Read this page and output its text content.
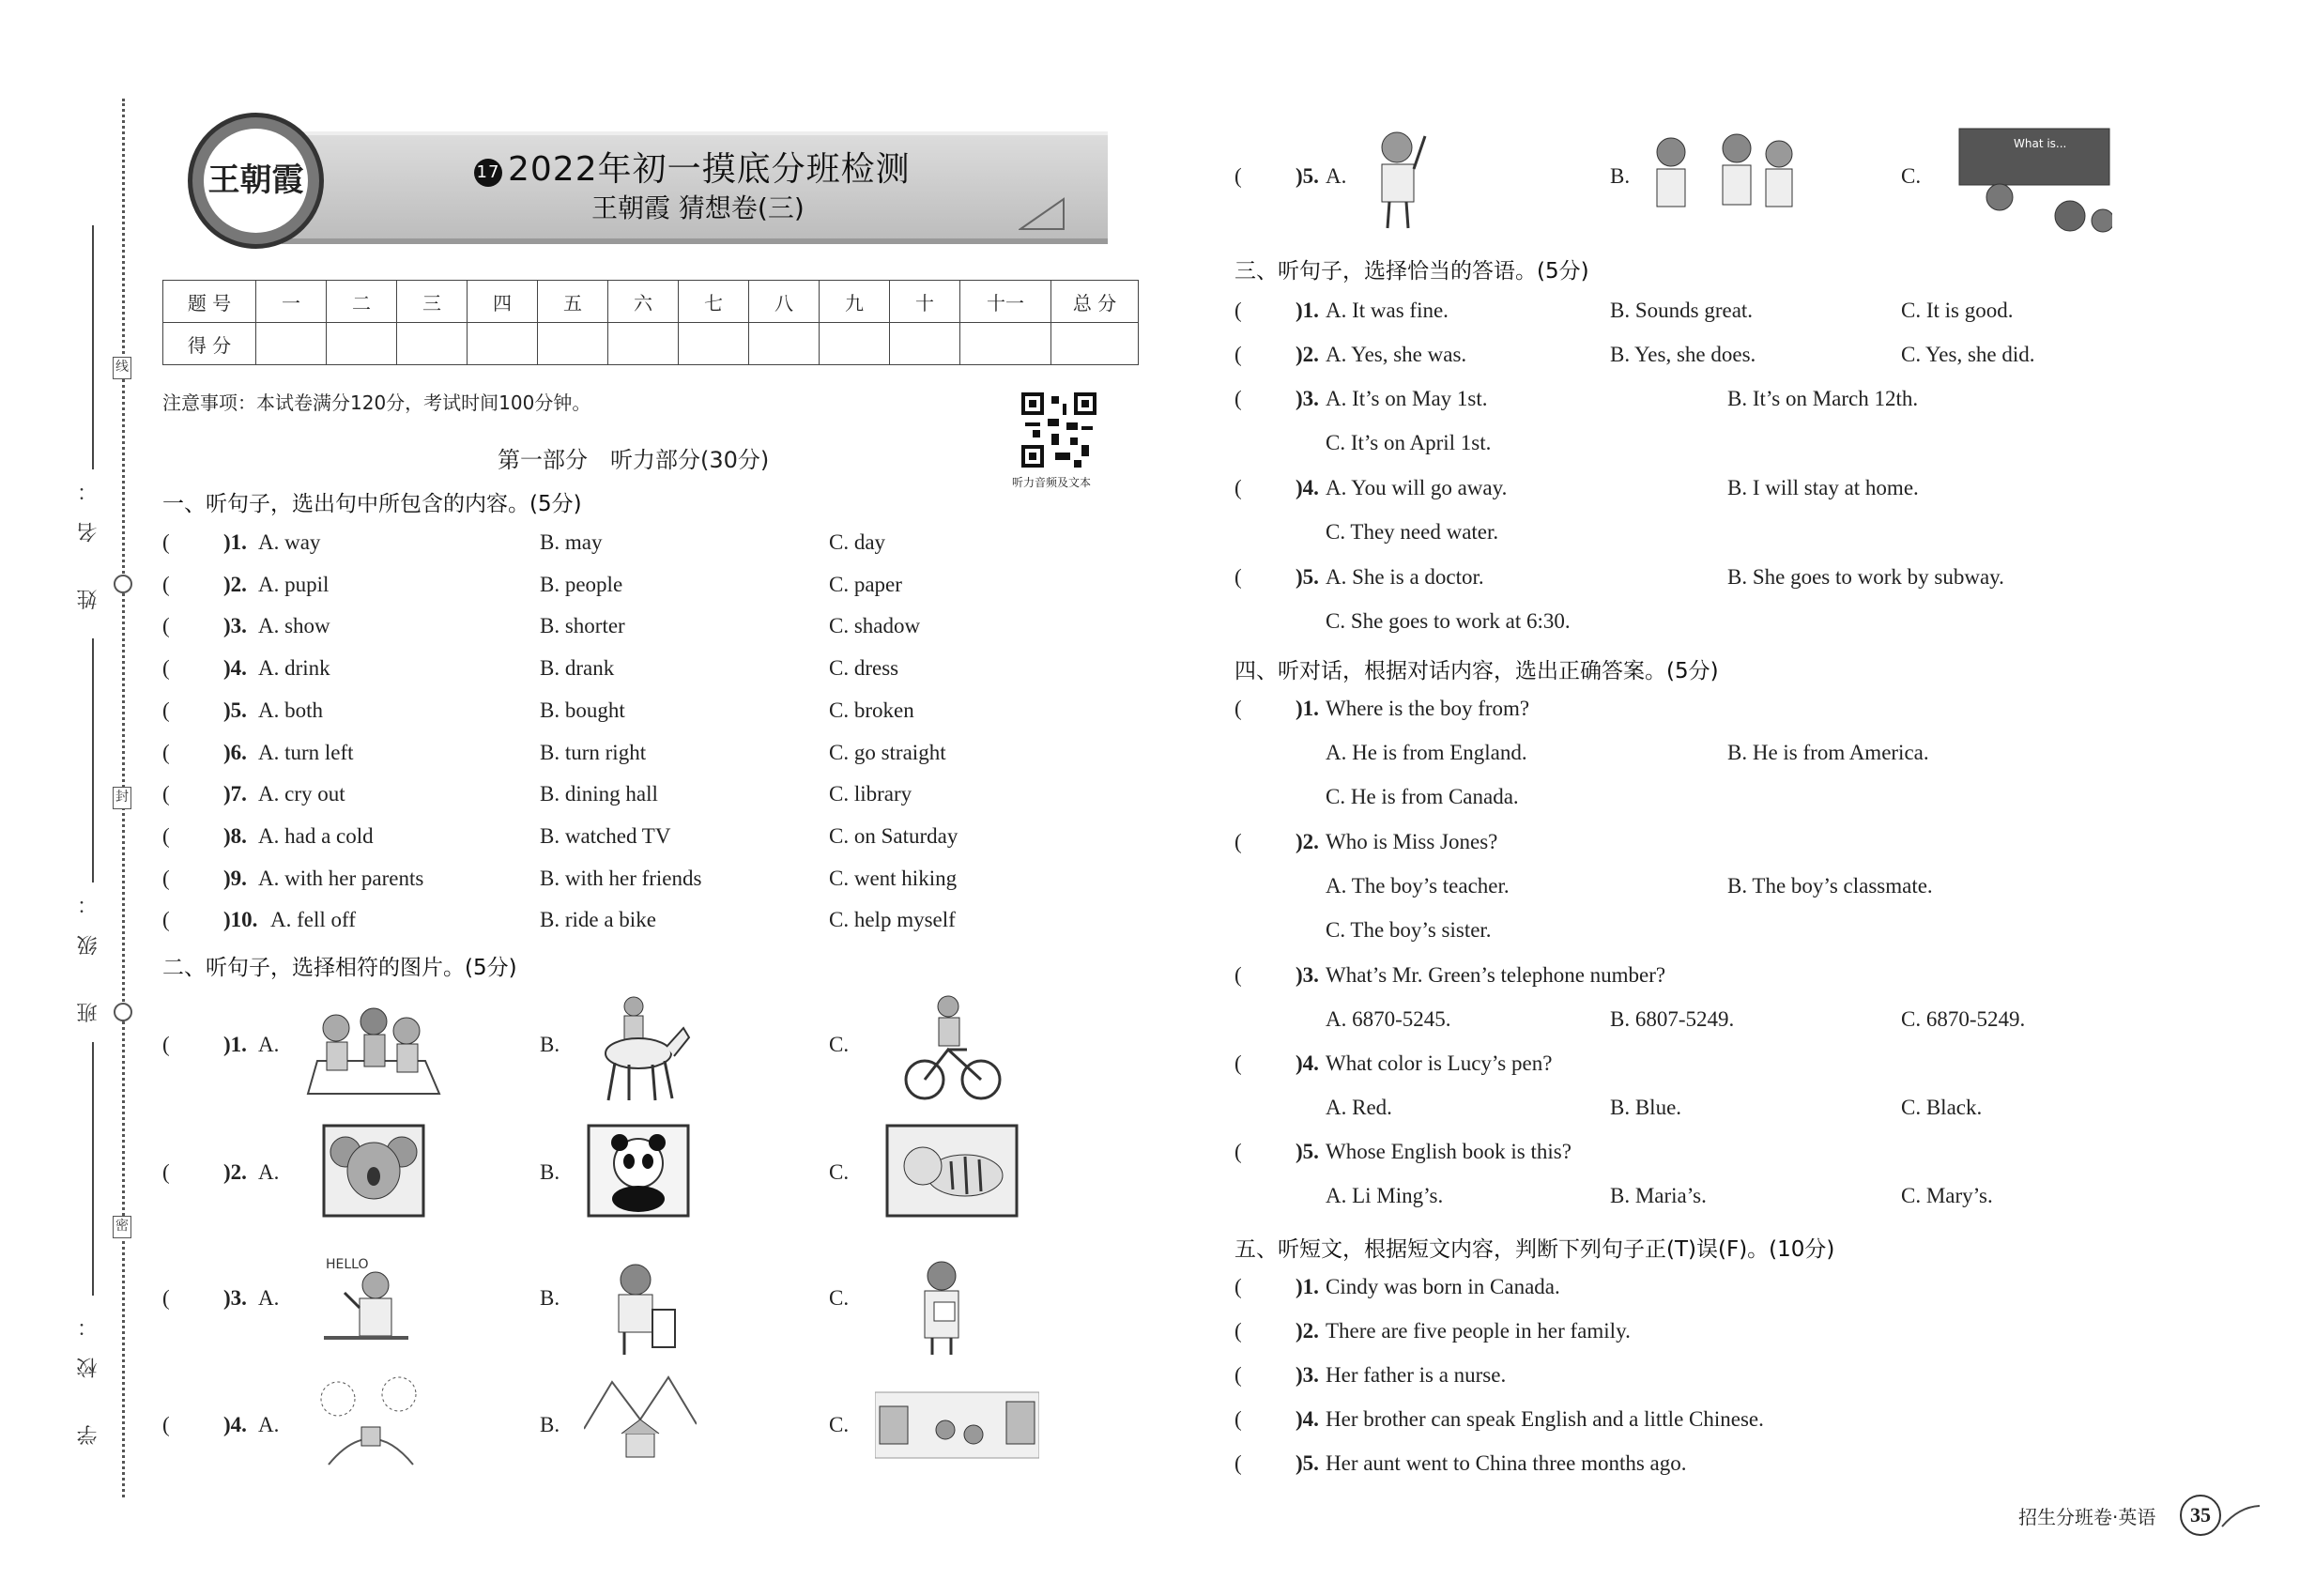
姓 名：
班 级：
学 校：
线
封
密
王朝霞	17 2022年初一摸底分班检测
王朝霞 猜想卷(三)
题 号	一	二	三	四	五	六	七	八	九	十	十一	总 分
得 分												
注意事项：本试卷满分120分，考试时间100分钟。
听力音频及文本
第一部分　听力部分(30分)
一、听句子，选出句中所包含的内容。(5分)
( )1. A. way	B. may	C. day
( )2. A. pupil	B. people	C. paper
( )3. A. show	B. shorter	C. shadow
( )4. A. drink	B. drank	C. dress
( )5. A. both	B. bought	C. broken
( )6. A. turn left	B. turn right	C. go straight
( )7. A. cry out	B. dining hall	C. library
( )8. A. had a cold	B. watched TV	C. on Saturday
( )9. A. with her parents	B. with her friends	C. went hiking
( )10. A. fell off	B. ride a bike	C. help myself
二、听句子，选择相符的图片。(5分)
( )1. A.	B.	C.
( )2. A.	B.	C.
( )3. A.	B.	C.
( )4. A.	B.	C.
( )5. A.	B.	C.
HELLO
What is...
三、听句子，选择恰当的答语。(5分)
( )1. A. It was fine.	B. Sounds great.	C. It is good.
( )2. A. Yes, she was.	B. Yes, she does.	C. Yes, she did.
( )3. A. It’s on May 1st.	B. It’s on March 12th.
C. It’s on April 1st.
( )4. A. You will go away.	B. I will stay at home.
C. They need water.
( )5. A. She is a doctor.	B. She goes to work by subway.
C. She goes to work at 6:30.
四、听对话，根据对话内容，选出正确答案。(5分)
( )1. Where is the boy from?
A. He is from England.	B. He is from America.
C. He is from Canada.
( )2. Who is Miss Jones?
A. The boy’s teacher.	B. The boy’s classmate.
C. The boy’s sister.
( )3. What’s Mr. Green’s telephone number?
A. 6870-5245.	B. 6807-5249.	C. 6870-5249.
( )4. What color is Lucy’s pen?
A. Red.	B. Blue.	C. Black.
( )5. Whose English book is this?
A. Li Ming’s.	B. Maria’s.	C. Mary’s.
五、听短文，根据短文内容，判断下列句子正(T)误(F)。(10分)
( )1. Cindy was born in Canada.
( )2. There are five people in her family.
( )3. Her father is a nurse.
( )4. Her brother can speak English and a little Chinese.
( )5. Her aunt went to China three months ago.
招生分班卷·英语	35
